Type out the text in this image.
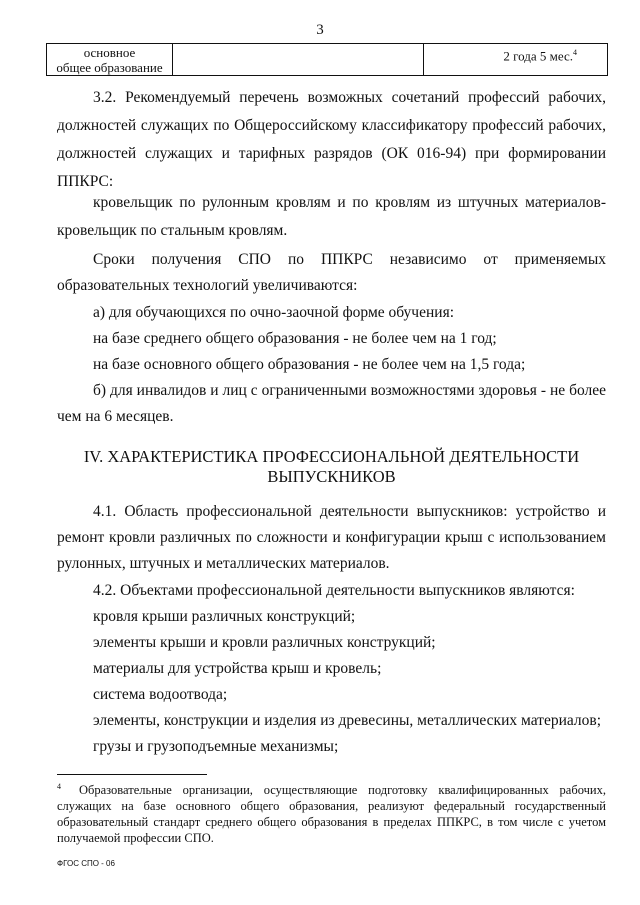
3
основное
общее образование
		2 года 5 мес.$^4$

3.2. Рекомендуемый перечень возможных сочетаний профессий рабочих,
должностей служащих по Общероссийскому классификатору профессий рабочих,
должностей служащих и тарифных разрядов (ОК 016-94) при формировании

ППКРС:

кровельщик по рулонным кровлям и по кровлям из штучных материалов-

кровельщик по стальным кровлям.

Сроки получения СПО по ППКРС независимо от применяемых

образовательных технологий увеличиваются:

а) для обучающихся по очно-заочной форме обучения:

на базе среднего общего образования - не более чем на 1 год;

на базе основного общего образования - не более чем на 1,5 года;

б) для инвалидов и лиц с ограниченными возможностями здоровья - не более

чем на 6 месяцев.

IV. ХАРАКТЕРИСТИКА ПРОФЕССИОНАЛЬНОЙ ДЕЯТЕЛЬНОСТИ
ВЫПУСКНИКОВ

4.1. Область профессиональной деятельности выпускников: устройство и

ремонт кровли различных по сложности и конфигурации крыш с использованием

рулонных, штучных и металлических материалов.

4.2. Объектами профессиональной деятельности выпускников являются:

кровля крыши различных конструкций;

элементы крыши и кровли различных конструкций;

материалы для устройства крыш и кровель;

система водоотвода;

элементы, конструкции и изделия из древесины, металлических материалов;

грузы и грузоподъемные механизмы;

4 Образовательные организации, осуществляющие подготовку квалифицированных рабочих,

служащих на базе основного общего образования, реализуют федеральный государственный

образовательный стандарт среднего общего образования в пределах ППКРС, в том числе с учетом

получаемой профессии СПО.

ФГОС СПО - 06
